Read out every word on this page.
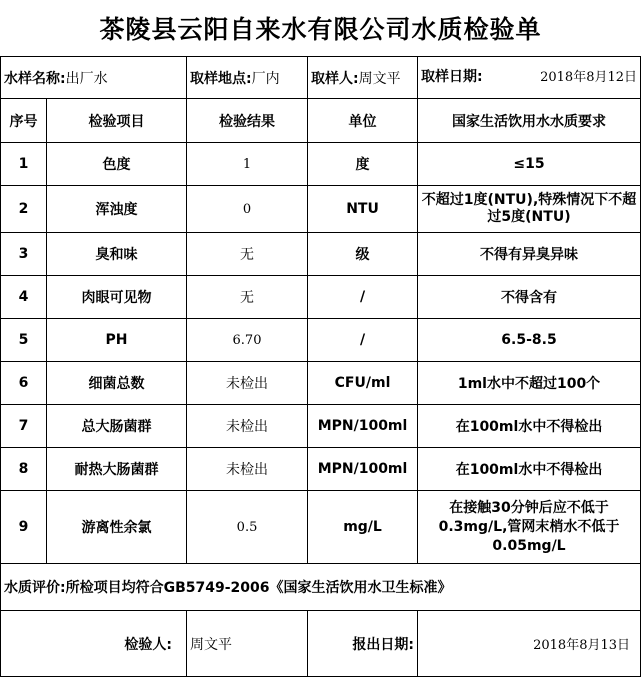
茶陵县云阳自来水有限公司水质检验单
水样名称:出厂水		取样地点:厂内	取样人:周文平	取样日期: 2018年8月12日

序号	检验项目	检验结果	单位	国家生活饮用水水质要求
1	色度	1	度	≤15
2	浑浊度	0	NTU	不超过1度(NTU),特殊情况下不超过5度(NTU)
3	臭和味	无	级	不得有异臭异味
4	肉眼可见物	无	/	不得含有
5	PH	6.70	/	6.5-8.5
6	细菌总数	未检出	CFU/ml	1ml水中不超过100个
7	总大肠菌群	未检出	MPN/100ml	在100ml水中不得检出
8	耐热大肠菌群	未检出	MPN/100ml	在100ml水中不得检出
9	游离性余氯	0.5	mg/L	在接触30分钟后应不低于0.3mg/L,管网末梢水不低于0.05mg/L
水质评价:所检项目均符合GB5749-2006《国家生活饮用水卫生标准》				
检验人:		周文平	报出日期:	2018年8月13日
